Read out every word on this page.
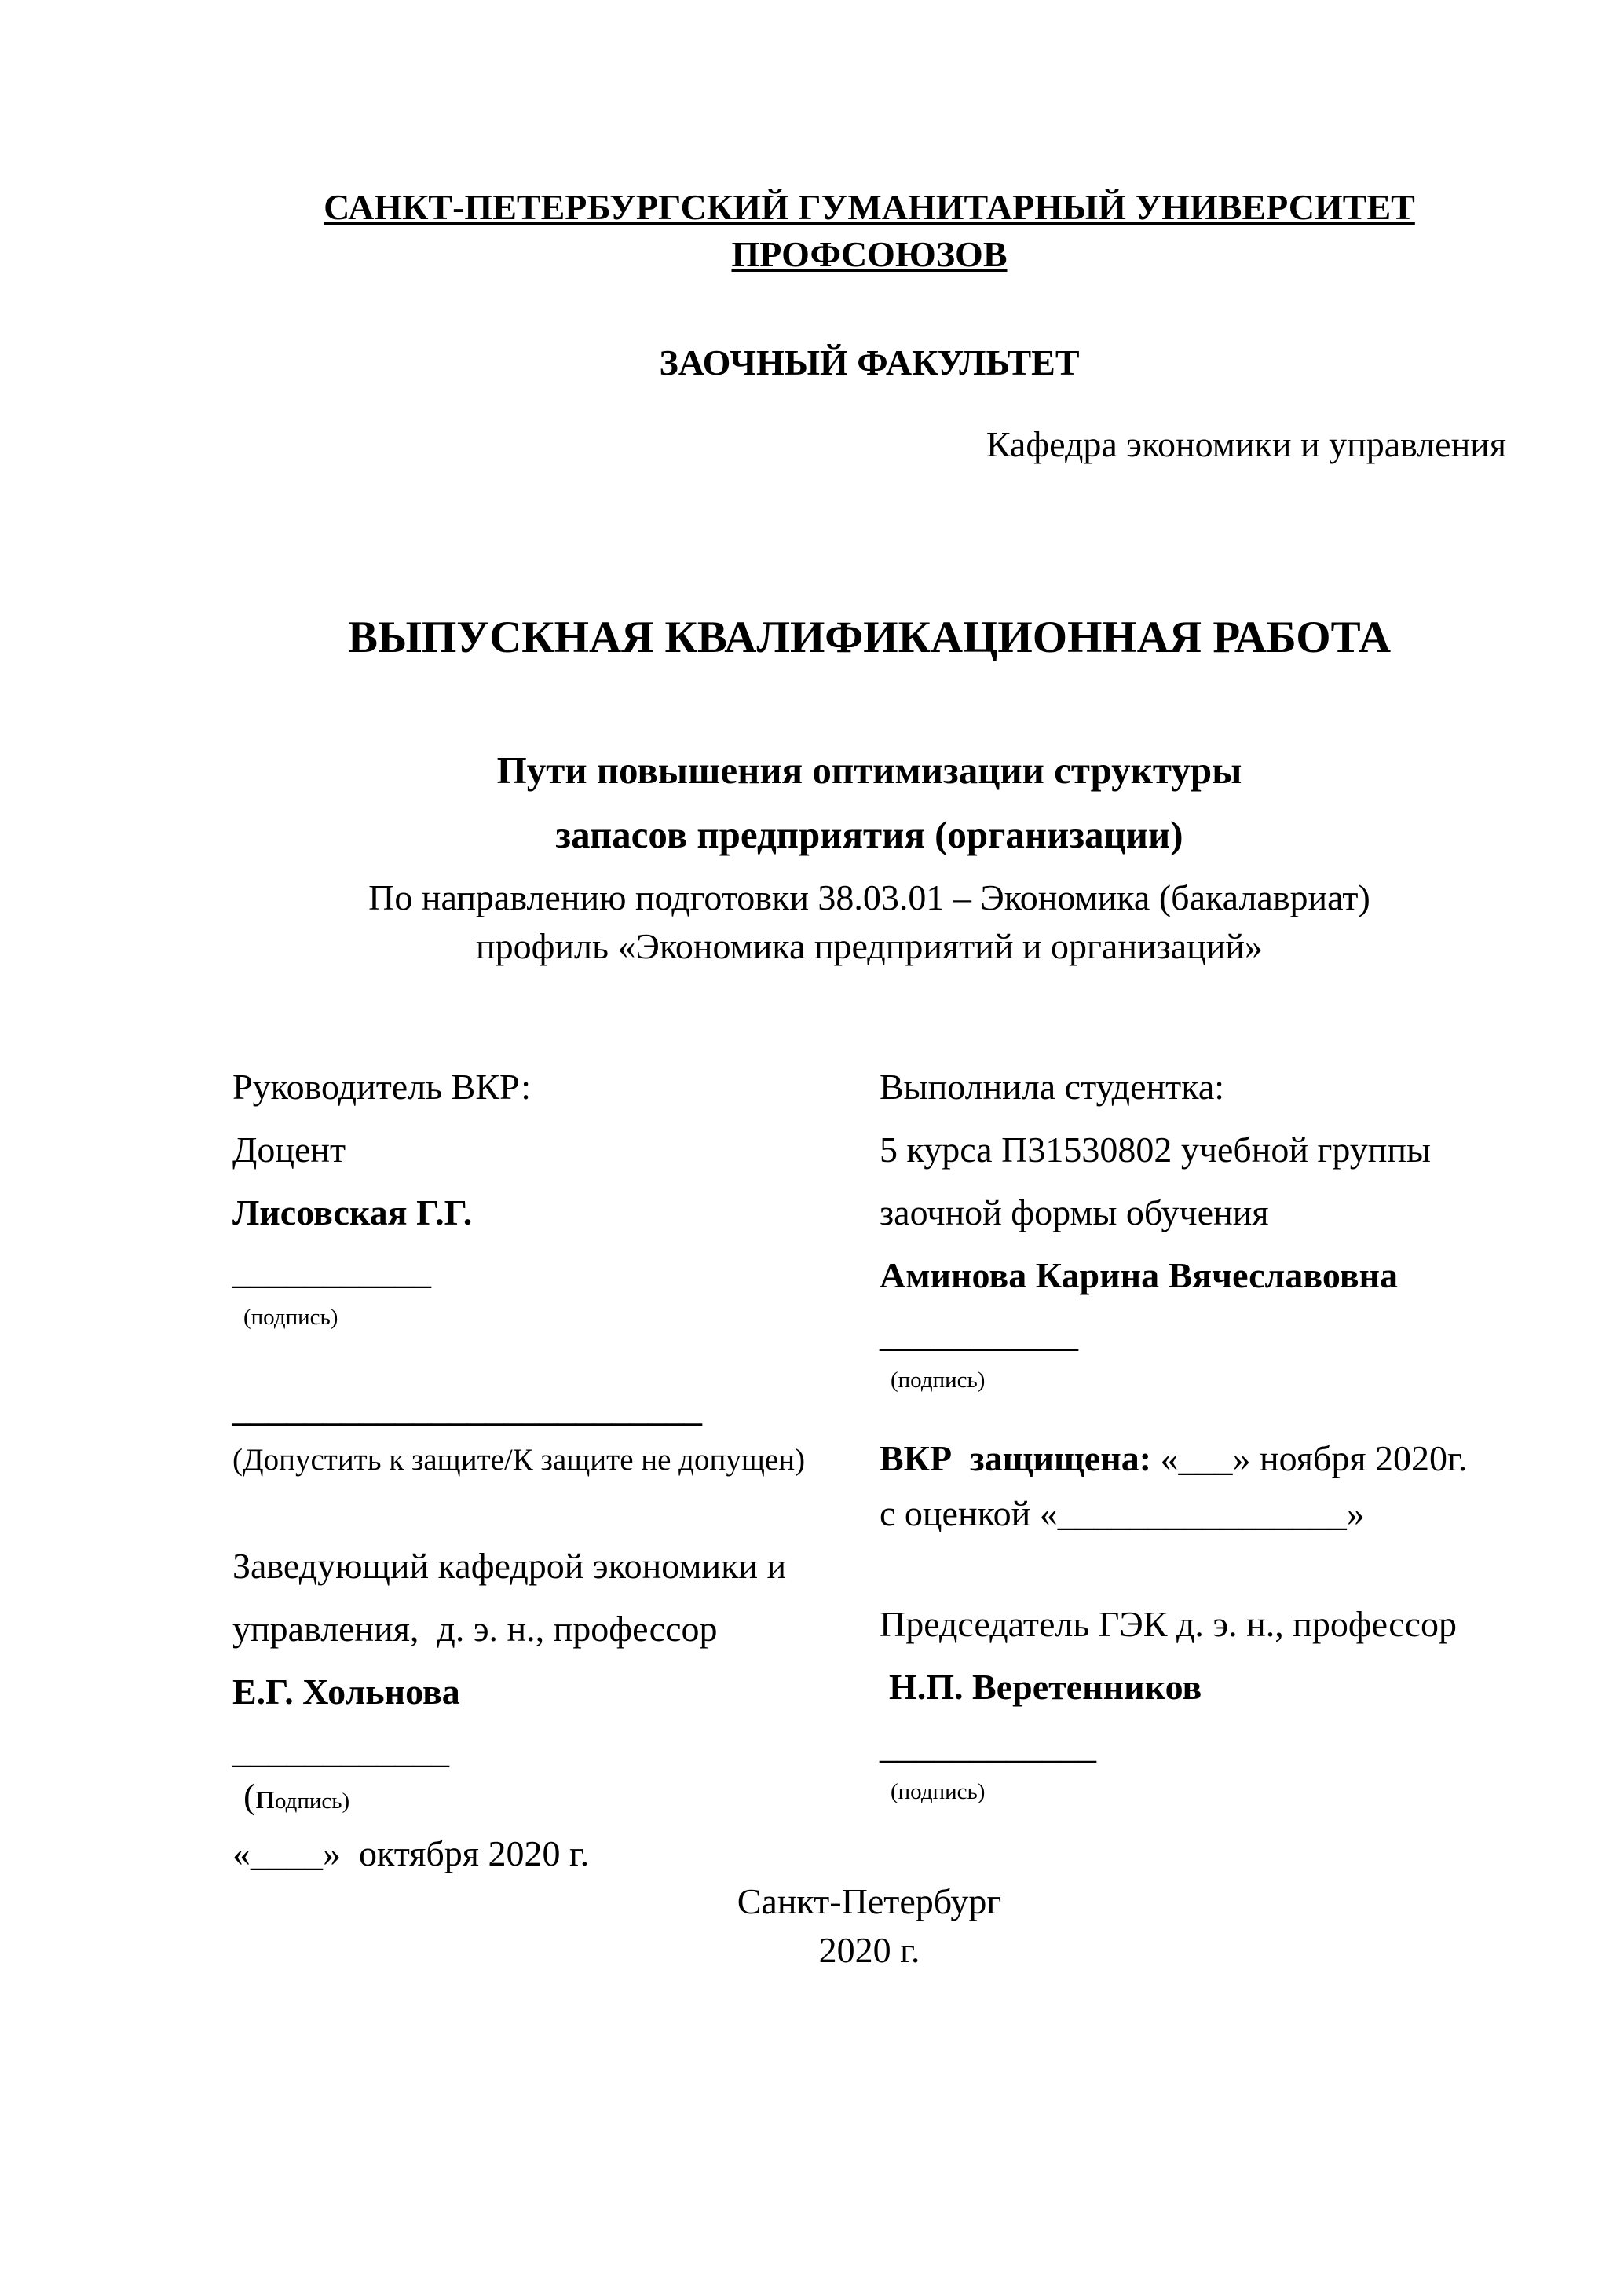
САНКТ-ПЕТЕРБУРГСКИЙ ГУМАНИТАРНЫЙ УНИВЕРСИТЕТ ПРОФСОЮЗОВ
ЗАОЧНЫЙ ФАКУЛЬТЕТ
Кафедра экономики и управления
ВЫПУСКНАЯ КВАЛИФИКАЦИОННАЯ РАБОТА
Пути повышения оптимизации структуры
запасов предприятия (организации)
По направлению подготовки 38.03.01 – Экономика (бакалавриат)
профиль «Экономика предприятий и организаций»
Руководитель ВКР:
Доцент
Лисовская Г.Г.
___________
(подпись)
__________________________
(Допустить к защите/К защите не допущен)
Заведующий кафедрой экономики и
управления,  д. э. н., профессор
Е.Г. Хольнова
____________
(подпись)
«____»  октября 2020 г.
Выполнила студентка:
5 курса П31530802 учебной группы
заочной формы обучения
Аминова Карина Вячеславовна
___________
(подпись)
ВКР  защищена: «___» ноября 2020г.
с оценкой «________________»
Председатель ГЭК д. э. н., профессор
Н.П. Веретенников
____________
(подпись)
Санкт-Петербург
2020 г.
